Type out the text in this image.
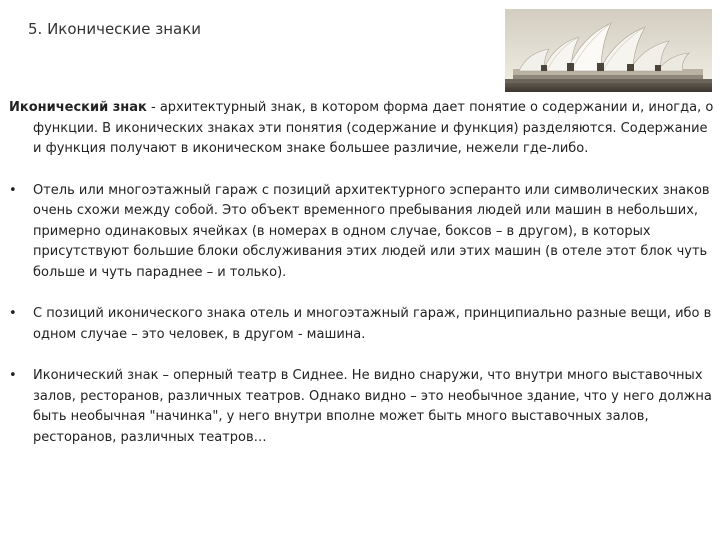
5. Иконические знаки

Иконический знак - архитектурный знак, в котором форма дает понятие о содержании и, иногда, о функции. В иконических знаках эти понятия (содержание и функция) разделяются. Содержание и функция получают в иконическом знаке большее различие, нежели где-либо.

• Отель или многоэтажный гараж с позиций архитектурного эсперанто или символических знаков очень схожи между собой. Это объект временного пребывания людей или машин в небольших, примерно одинаковых ячейках (в номерах в одном случае, боксов – в другом), в которых присутствуют большие блоки обслуживания этих людей или этих машин (в отеле этот блок чуть больше и чуть параднее – и только).
• С позиций иконического знака отель и многоэтажный гараж, принципиально разные вещи, ибо в одном случае – это человек, в другом - машина.
• Иконический знак – оперный театр в Сиднее. Не видно снаружи, что внутри много выставочных залов, ресторанов, различных театров. Однако видно – это необычное здание, что у него должна быть необычная "начинка", у него внутри вполне может быть много выставочных залов, ресторанов, различных театров…
